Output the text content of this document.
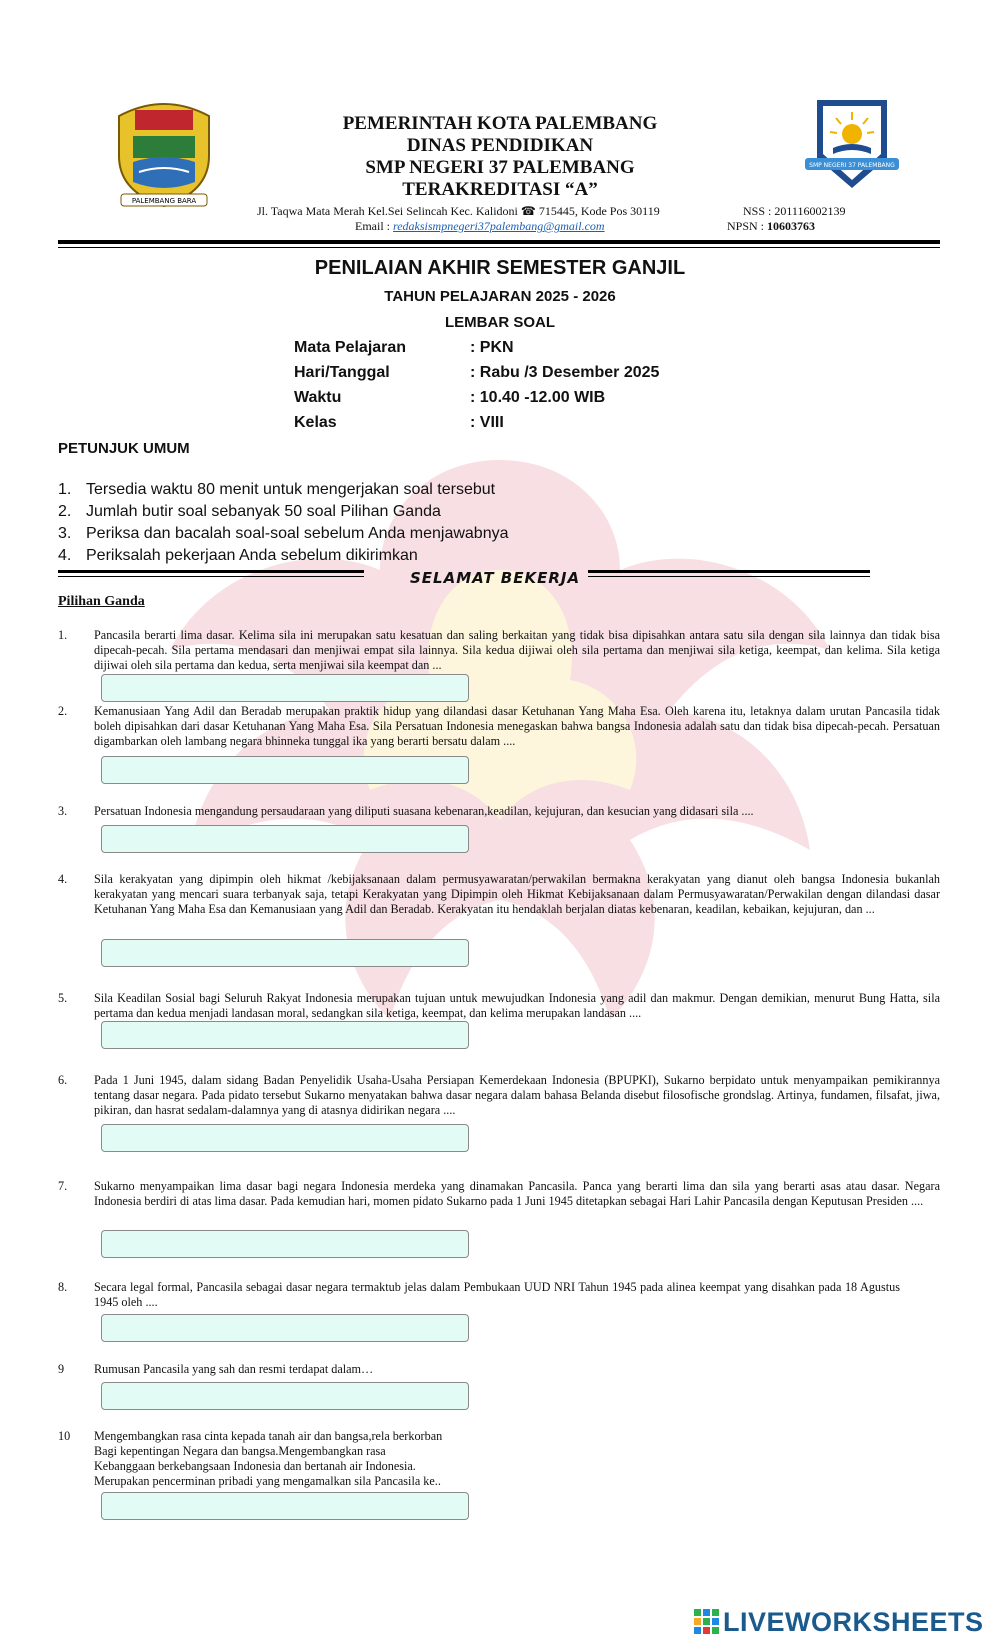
PALEMBANG BARA
SMP NEGERI 37 PALEMBANG
PEMERINTAH KOTA PALEMBANG
DINAS PENDIDIKAN
SMP NEGERI 37 PALEMBANG
TERAKREDITASI “A”
Jl. Taqwa Mata Merah Kel.Sei Selincah Kec. Kalidoni ☎ 715445, Kode Pos 30119	NSS : 201116002139
Email : redaksismpnegeri37palembang@gmail.com	NPSN : 10603763
PENILAIAN AKHIR SEMESTER GANJIL
TAHUN PELAJARAN 2025 - 2026
LEMBAR SOAL
Mata Pelajaran	: PKN
Hari/Tanggal	: Rabu /3 Desember 2025
Waktu	: 10.40 -12.00 WIB
Kelas	: VIII
PETUNJUK UMUM
1. Tersedia waktu 80 menit untuk mengerjakan soal tersebut
2. Jumlah butir soal sebanyak 50 soal Pilihan Ganda
3. Periksa dan bacalah soal-soal sebelum Anda menjawabnya
4. Periksalah pekerjaan Anda sebelum dikirimkan
SELAMAT BEKERJA
Pilihan Ganda
1. Pancasila berarti lima dasar. Kelima sila ini merupakan satu kesatuan dan saling berkaitan yang tidak bisa dipisahkan antara satu sila dengan sila lainnya dan tidak bisa dipecah-pecah. Sila pertama mendasari dan menjiwai empat sila lainnya. Sila kedua dijiwai oleh sila pertama dan menjiwai sila ketiga, keempat, dan kelima. Sila ketiga dijiwai oleh sila pertama dan kedua, serta menjiwai sila keempat dan ...
2. Kemanusiaan Yang Adil dan Beradab merupakan praktik hidup yang dilandasi dasar Ketuhanan Yang Maha Esa. Oleh karena itu, letaknya dalam urutan Pancasila tidak boleh dipisahkan dari dasar Ketuhanan Yang Maha Esa. Sila Persatuan Indonesia menegaskan bahwa bangsa Indonesia adalah satu dan tidak bisa dipecah-pecah. Persatuan digambarkan oleh lambang negara bhinneka tunggal ika yang berarti bersatu dalam ....
3. Persatuan Indonesia mengandung persaudaraan yang diliputi suasana kebenaran,keadilan, kejujuran, dan kesucian yang didasari sila ....
4. Sila kerakyatan yang dipimpin oleh hikmat /kebijaksanaan dalam permusyawaratan/perwakilan bermakna kerakyatan yang dianut oleh bangsa Indonesia bukanlah kerakyatan yang mencari suara terbanyak saja, tetapi Kerakyatan yang Dipimpin oleh Hikmat Kebijaksanaan dalam Permusyawaratan/Perwakilan dengan dilandasi dasar Ketuhanan Yang Maha Esa dan Kemanusiaan yang Adil dan Beradab. Kerakyatan itu hendaklah berjalan diatas kebenaran, keadilan, kebaikan, kejujuran, dan ...
5. Sila Keadilan Sosial bagi Seluruh Rakyat Indonesia merupakan tujuan untuk mewujudkan Indonesia yang adil dan makmur. Dengan demikian, menurut Bung Hatta, sila pertama dan kedua menjadi landasan moral, sedangkan sila ketiga, keempat, dan kelima merupakan landasan ....
6. Pada 1 Juni 1945, dalam sidang Badan Penyelidik Usaha-Usaha Persiapan Kemerdekaan Indonesia (BPUPKI), Sukarno berpidato untuk menyampaikan pemikirannya tentang dasar negara. Pada pidato tersebut Sukarno menyatakan bahwa dasar negara dalam bahasa Belanda disebut filosofische grondslag. Artinya, fundamen, filsafat, jiwa, pikiran, dan hasrat sedalam-dalamnya yang di atasnya didirikan negara ....
7. Sukarno menyampaikan lima dasar bagi negara Indonesia merdeka yang dinamakan Pancasila. Panca yang berarti lima dan sila yang berarti asas atau dasar. Negara Indonesia berdiri di atas lima dasar. Pada kemudian hari, momen pidato Sukarno pada 1 Juni 1945 ditetapkan sebagai Hari Lahir Pancasila dengan Keputusan Presiden ....
8. Secara legal formal, Pancasila sebagai dasar negara termaktub jelas dalam Pembukaan UUD NRI Tahun 1945 pada alinea keempat yang disahkan pada 18 Agustus 1945 oleh ....
9 Rumusan Pancasila yang sah dan resmi terdapat dalam…
10 Mengembangkan rasa cinta kepada tanah air dan bangsa,rela berkorban
Bagi kepentingan Negara dan bangsa.Mengembangkan rasa
Kebanggaan berkebangsaan Indonesia dan bertanah air Indonesia.
Merupakan pencerminan pribadi yang mengamalkan sila Pancasila ke..
LIVEWORKSHEETS
